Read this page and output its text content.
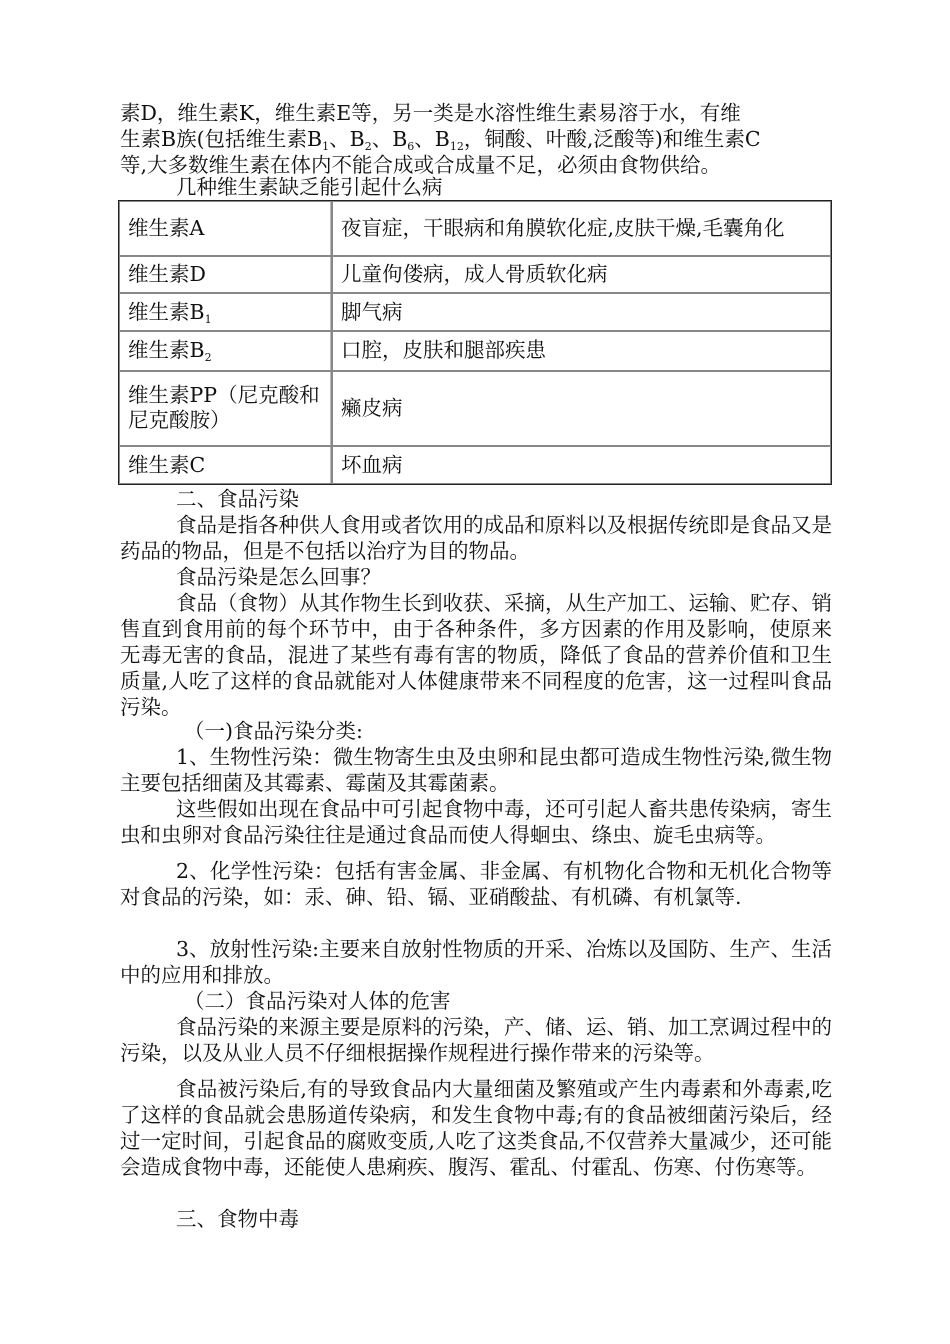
素D，维生素K，维生素E等，另一类是水溶性维生素易溶于水，有维
生素B族(包括维生素$B_1$、$B_2$、$B_6$、$B_{12}$，铜酸、叶酸,泛酸等)和维生素C
等,大多数维生素在体内不能合成或合成量不足，必须由食物供给。

几种维生素缺乏能引起什么病

维生素A	夜盲症，干眼病和角膜软化症,皮肤干燥,毛囊角化
维生素D	儿童佝偻病，成人骨质软化病
维生素$B_1$	脚气病
维生素$B_2$	口腔，皮肤和腿部疾患
维生素PP（尼克酸和尼克酸胺）	癞皮病
维生素C	坏血病

二、食品污染

食品是指各种供人食用或者饮用的成品和原料以及根据传统即是食品又是药品的物品，但是不包括以治疗为目的物品。

食品污染是怎么回事？

食品（食物）从其作物生长到收获、采摘，从生产加工、运输、贮存、销售直到食用前的每个环节中，由于各种条件，多方因素的作用及影响，使原来无毒无害的食品，混进了某些有毒有害的物质，降低了食品的营养价值和卫生质量,人吃了这样的食品就能对人体健康带来不同程度的危害，这一过程叫食品污染。

（一)食品污染分类:

1、生物性污染：微生物寄生虫及虫卵和昆虫都可造成生物性污染,微生物主要包括细菌及其霉素、霉菌及其霉菌素。

这些假如出现在食品中可引起食物中毒，还可引起人畜共患传染病，寄生虫和虫卵对食品污染往往是通过食品而使人得蛔虫、绦虫、旋毛虫病等。

2、化学性污染：包括有害金属、非金属、有机物化合物和无机化合物等对食品的污染，如：汞、砷、铅、镉、亚硝酸盐、有机磷、有机氯等.

3、放射性污染:主要来自放射性物质的开采、冶炼以及国防、生产、生活中的应用和排放。

（二）食品污染对人体的危害

食品污染的来源主要是原料的污染，产、储、运、销、加工烹调过程中的污染，以及从业人员不仔细根据操作规程进行操作带来的污染等。

食品被污染后,有的导致食品内大量细菌及繁殖或产生内毒素和外毒素,吃了这样的食品就会患肠道传染病，和发生食物中毒;有的食品被细菌污染后，经过一定时间，引起食品的腐败变质,人吃了这类食品,不仅营养大量减少，还可能会造成食物中毒，还能使人患痢疾、腹泻、霍乱、付霍乱、伤寒、付伤寒等。

三、食物中毒
